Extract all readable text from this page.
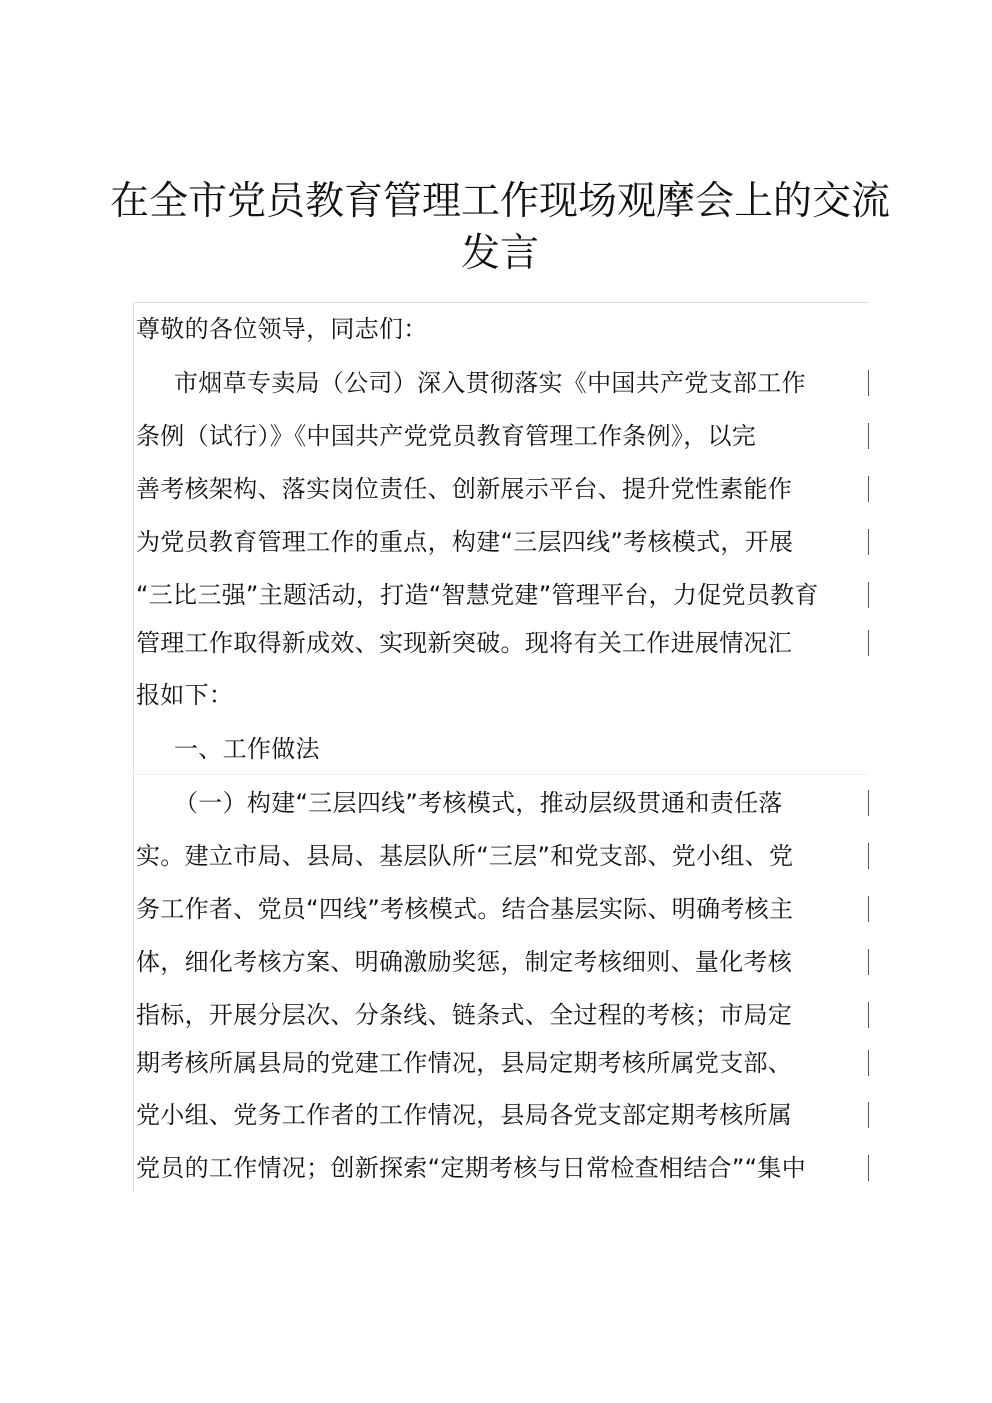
在全市党员教育管理工作现场观摩会上的交流
发言
尊敬的各位领导，同志们：
市烟草专卖局（公司）深入贯彻落实《中国共产党支部工作
条例（试行）》《中国共产党党员教育管理工作条例》，以完
善考核架构、落实岗位责任、创新展示平台、提升党性素能作
为党员教育管理工作的重点，构建“三层四线”考核模式，开展
“三比三强”主题活动，打造“智慧党建”管理平台，力促党员教育
管理工作取得新成效、实现新突破。现将有关工作进展情况汇
报如下：
一、工作做法
（一）构建“三层四线”考核模式，推动层级贯通和责任落
实。建立市局、县局、基层队所“三层”和党支部、党小组、党
务工作者、党员“四线”考核模式。结合基层实际、明确考核主
体，细化考核方案、明确激励奖惩，制定考核细则、量化考核
指标，开展分层次、分条线、链条式、全过程的考核；市局定
期考核所属县局的党建工作情况，县局定期考核所属党支部、
党小组、党务工作者的工作情况，县局各党支部定期考核所属
党员的工作情况；创新探索“定期考核与日常检查相结合”“集中
